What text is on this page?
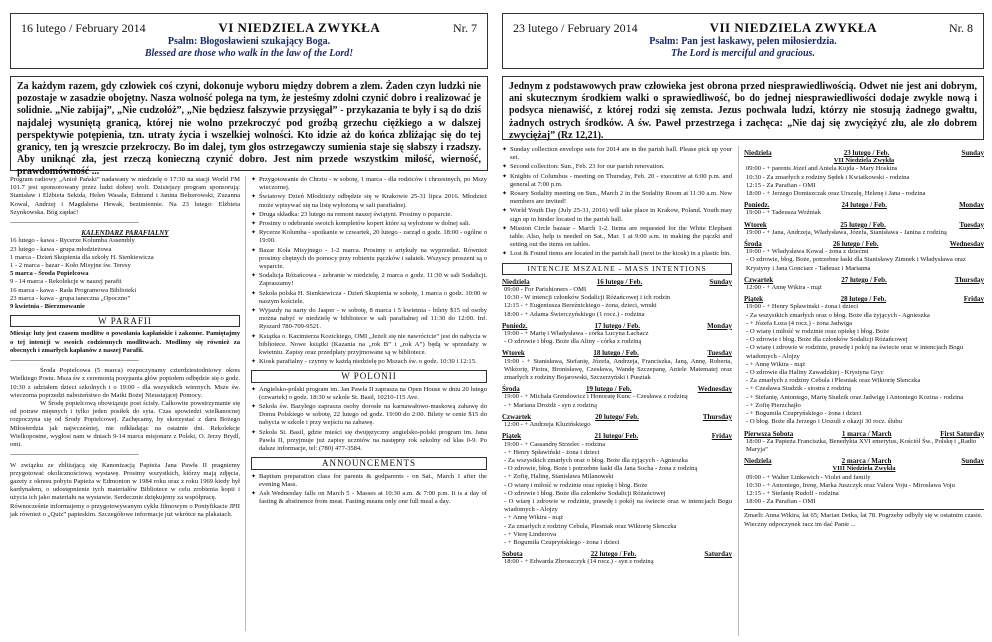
16 lutego / February 2014	VI NIEDZIELA ZWYKŁA	Nr. 7
Psalm: Błogosławieni szukający Boga.
Blessed are those who walk in the law of the Lord!
Za każdym razem, gdy człowiek coś czyni, dokonuje wyboru między dobrem a złem. Żaden czyn ludzki nie pozostaje w zasadzie obojętny. Nasza wolność polega na tym, że jesteśmy zdolni czynić dobro i realizować je solidnie. „Nie zabijaj”, „Nie cudzołóż”, „Nie będziesz fałszywie przysięgał” - przykazania te były i są do dziś najdalej wysuniętą granicą, której nie wolno przekroczyć pod groźbą grzechu ciężkiego a w dalszej perspektywie potępienia, tzn. utraty życia i wszelkiej wolności. Kto idzie aż do końca zbliżając się do tej granicy, ten ją wreszcie przekroczy. Bo im dalej, tym głos ostrzegawczy sumienia staje się słabszy i rzadszy. Aby uniknąć zła, jest rzeczą konieczną czynić dobro. Jest nim przede wszystkim miłość, wierność, prawdomówność ...
Program radiowy „Anioł Pański” nadawany w niedzielę o 17:30 na stacji World FM 101.7 jest sponsorowany przez ludzi dobrej woli. Dzisiejszy program sponsorują: Stanisław i Elżbieta Sekida, Helen Wasała, Edmund i Janina Bełzerowski, Zuzanna Kowal, Andrzej i Magdalena Hewak, bezimiennie. Na 23 lutego: Elżbieta Szynkowska. Bóg zapłać!
-----------------------------------------------------------------------------------------------------------
KALENDARZ PARAFIALNY
16 lutego - kawa - Rycerze Kolumba Assembly
23 lutego - kawa - grupa młodzieżowa
1 marca - Dzień Skupienia dla szkoły H. Sienkiewicza
1 - 2 marca - bazar - Koło Misyjne św. Teresy
5 marca - Środa Popielcowa
9 - 14 marca - Rekolekcje w naszej parafii
16 marca - kawa - Rada Programowa Biblioteki
23 marca - kawa - grupa taneczna „Opoczno”
9 kwietnia - Bierzmowanie
W PARAFII
Miesiąc luty jest czasem modlitw o powołania kapłańskie i zakonne. Pamiętajmy o tej intencji w swoich codziennych modlitwach. Modlimy się również za obecnych i zmarłych kapłanów z naszej Parafii.
-----------------------------------------------------------------------------------------------------------
Środa Popielcowa (5 marca) rozpoczynamy czterdziestodniowy okres Wielkiego Postu. Msza św z ceremonią posypania głów popiołem odbędzie się o godz. 10:30 z udziałem dzieci szkolnych i o 19:00 - dla wszystkich wiernych. Msze św. wieczorna poprzedzi nabożeństwo do Matki Bożej Nieustającej Pomocy.
W Środę popielcową obowiązuje post ścisły. Całkowite powstrzymanie się od potraw mięsnych i tylko jeden posiłek do syta. Czas spowiedzi wielkanocnej rozpoczyna się od Środy Popielcowej. Zachęcamy, by skorzystać z daru Bożego Miłosierdzia jak najwcześniej, nie odkładając na ostatnie dni. Rekolekcje Wielkopostne, wygłosi nam w dniach 9-14 marca misjonarz z Polski, O. Jerzy Brydl, omi.
-----------------------------------------------------------------------------------------------------------
W związku ze zbliżającą się Kanonizacją Papieża Jana Pawła II pragniemy przygotować okolicznościową wystawę. Prosimy wszystkich, którzy mają zdjęcia, gazety z okresu pobytu Papieża w Edmonton w 1984 roku oraz z roku 1969 kiedy był kardynałem, o udostępnienie tych materiałów Bibliotece w celu zrobienia kopii i użycia ich jako materiału na wystawie. Serdecznie dziękujemy za współpracę.
Równocześnie informujemy o przygotowywanym cyklu filmowym o Pontyfikacie JPII jak również o „Quiz” papieskim. Szczegółowe informacje już wkrótce na plakatach.
✦ Przygotowanie do Chrztu - w sobotę, 1 marca - dla rodziców i chrzestnych, po Mszy wieczornej.
✦ Światowy Dzień Młodzieży odbędzie się w Krakowie 25-31 lipca 2016. Młodzież może wpisywać się na listę wyłożoną w sali parafialnej.
✦ Druga składka: 23 lutego na remont naszej świątyni. Prosimy o poparcie.
✦ Prosimy o odebranie swoich kompletów kopert które są wyłożone w dolnej sali.
✦ Rycerze Kolumba - spotkanie w czwartek, 20 lutego - zarząd o godz. 18:00 - ogólne o 19:00.
✦ Bazar Koła Misyjnego - 1-2 marca. Prosimy o artykuły na wyprzedaż. Również prosimy chętnych do pomocy przy robieniu pączków i sałatek. Wszyscy proszeni są o wsparcie.
✦ Sodalicja Różańcowa - zebranie w niedzielę, 2 marca o godz. 11:30 w sali Sodalicji. Zapraszamy!
✦ Szkoła polska H. Sienkiewicza - Dzień Skupienia w sobotę, 1 marca o godz. 10:00 w naszym kościele.
✦ Wyjazdy na narty do Jasper - w sobotę, 8 marca i 5 kwietnia - bilety $15 od osoby można nabyć w niedzielę w bibliotece w sali parafialnej od 11:30 do 12:00. Inf. Ryszard 780-709-9521.
✦ Książka o. Kazimierza Kozickiego, OMI „Jeżeli się nie nawrócicie” jest do nabycia w bibliotece. Nowe książki (Kazania na „rok B” i „rok A”) będą w sprzedaży w kwietniu. Zapisy oraz przedpłaty przyjmowane są w bibliotece.
✦ Kiosk parafialny - czynny w każdą niedzielę po Mszach św. o godz. 10:30 i 12:15.
W POLONII
✦ Angielsko-polski program im. Jan Pawła II zaprasza na Open House w dniu 20 lutego (czwartek) o godz. 18:30 w szkole St. Basil, 10210-115 Ave.
✦ Szkoła św. Bazylego zaprasza osoby dorosłe na karnawałowo-maskową zabawę do Domu Polskiego w sobotę, 22 lutego od godz. 19:00 do 2:00. Bilety w cenie $15 do nabycia w szkole i przy wejściu na zabawę.
✦ Szkoła St. Basil, gdzie mieści się dwujęzyczny angielsko-polski program im. Jana Pawła II, przyjmuje już zapisy uczniów na następny rok szkolny od klas 0-9. Po dalsze informacje, tel: (780) 477-3584.
ANNOUNCEMENTS
✦ Baptism preparation class for parents & godparents - on Sat., March 1 after the evening Mass.
✦ Ash Wednesday falls on March 5 - Masses at 10:30 a.m. & 7:00 p.m. It is a day of fasting & abstinence from meat. Fasting means only one full meal a day.
23 lutego / February 2014	VII NIEDZIELA ZWYKŁA	Nr. 8
Psalm: Pan jest łaskawy, pełen miłosierdzia.
The Lord is merciful and gracious.
Jednym z podstawowych praw człowieka jest obrona przed niesprawiedliwością. Odwet nie jest ani dobrym, ani skutecznym środkiem walki o sprawiedliwość, bo do jednej niesprawiedliwości dodaje zwykle nową i podsyca nienawiść, z której rodzi się zemsta. Jezus pochwala ludzi, którzy nie stosują żadnego gwałtu, żadnych ostrych środków. A św. Paweł przestrzega i zachęca: „Nie daj się zwyciężyć złu, ale zło dobrem zwyciężaj” (Rz 12,21).
✦ Sunday collection envelope sets for 2014 are in the parish hall. Please pick up your set.
✦ Second collection: Sun., Feb. 23 for our parish renovation.
✦ Knights of Columbus - meeting on Thursday, Feb. 20 - executive at 6:00 p.m. and general at 7:00 p.m.
✦ Rosary Sodality meeting on Sun., March 2 in the Sodality Room at 11:30 a.m. New members are invited!
✦ World Youth Day (July 25-31, 2016) will take place in Krakow, Poland. Youth may sign up in binder located in the parish hall.
✦ Mission Circle bazaar - March 1-2. Items are requested for the White Elephant table. Also, help is needed on Sat., Mar. 1 at 9:00 a.m. in making the pączki and setting out the items on tables.
✦ Lost & Found items are located in the parish hall (next to the kiosk) in a plastic bin.
INTENCJE MSZALNE - MASS INTENTIONS
Niedziela	16 lutego / Feb.	Sunday
09:00 - For Parishioners - OMI
10:30 - W intencji członków Sodalicji Różańcowej i ich rodzin
12:15 - + Eugeniusza Bereźnickiego - żona, dzieci, wnuki
18:00 - + Adama Świerczyńskiego (1 rocz.) - rodzina
Poniedz.	17 lutego / Feb.	Monday
19:00 - + Marię i Władysława - córka Lucyna Łachacz
- O zdrowie i błog. Boże dla Aliny - córka z rodziną
Wtorek	18 lutego / Feb.	Tuesday
19:00 - + Stanisława, Stefanię, Józefa, Andrzeja, Franciszka, Janą, Annę, Roberta, Wiktorię, Piotra, Bronisławę, Czesława, Wandę Szczepanę, Aniele Matematej oraz zmarłych z rodziny Bojarowski, Szczerzyński i Pusztak
Środa	19 lutego / Feb.	Wednesday
19:00 - + Michała Grendowicz i Honoratę Kunc - Czesława z rodziną
- + Mariana Drożdż - syn z rodziną
Czwartek	20 lutego/ Feb.	Thursday
12:00 - + Andrzeja Kluzińskiego
Piątek	21 lutego/ Feb.	Friday
19:00 - + Cassandrę Strzelec - rodzina
- + Henry Spławiński - żona i dzieci
- Za wszystkich zmarłych oraz o błog. Boże dla żyjących - Agnieszka
- O zdrowie, błog. Boże i potrzebne łaski dla Jana Socha - żona z rodziną
- + Zofię, Halinę, Stanisława Milanowski
- O wiarę i miłość w rodzinie oraz opiekę i błog. Boże
- O zdrowie i błog. Boże dla członków Sodalicji Różańcowej
- O wiarę i zdrowie w rodzinie, prawdę i pokój na świecie oraz w intencjach Bogu wiadomych - Alojzy
- + Annę Wikira - mąż
- Za zmarłych z rodziny Cebula, Plesniak oraz Wiktorię Slenczka
- + Vierę Linderova
- + Bogumiła Czupryńskiego - żona i dzieci
Sobota	22 lutego / Feb.	Saturday
18:00 - + Edwarda Zbroszczyk (14 rocz.) - syn z rodziną
Niedziela	23 lutego / Feb.	Sunday
VII Niedziela Zwykła
09:00 - + parents Józef and Aniela Kujda - Mary Hoskins
10:30 - Za zmarłych z rodziny Sędek i Kwiatkowski - rodzina
12:15 - Za Parafian - OMI
18:00 - + Jerzego Domiszczak oraz Urszulę, Helenę i Jana - rodzina
Poniedz.	24 lutego / Feb.	Monday
19:00 - + Tadeusza Woźniak
Wtorek	25 lutego / Feb.	Tuesday
19:00 - + Jana, Andrzeja, Władysława, Józefa, Stanisława - Janina z rodziną
Środa	26 lutego / Feb.	Wednesday
19:00 - + Władysława Kowal - żona z dziećmi
- O zdrowie, błog. Boże, potrzebne łaski dla Stanisławy Zimnek i Władysława oraz Krystyny i Jana Gonciarz - Tadeusz i Marianna
Czwartek	27 lutego / Feb.	Thursday
12:00 - + Annę Wikira - mąż
Piątek	28 lutego / Feb.	Friday
19:00 - + Henry Spławinski - żona i dzieci
- Za wszystkich zmarłych oraz o błog. Boże dla żyjących - Agnieszka
- + Józefa Łoza (4 rocz.) - żona Jadwiga
- O wiarę i miłość w rodzinie oraz opiekę i błog. Boże
- O zdrowie i błog. Boże dla członków Sodalicji Różańcowej
- O wiarę i zdrowie w rodzinie, prawdę i pokój na świecie oraz w intencjach Bogu wiadomych - Alojzy
- + Annę Wikira - mąż
- O zdrowie dla Haliny Zawadzkiej - Krystyna Gryc
- Za zmarłych z rodziny Cebula i Plesniak oraz Wiktorię Slenczka
- + Czesława Siudzik - siostra z rodziną
- + Stefanię, Antoniego, Marię Siudzik oraz Jadwigę i Antoniego Kozina - rodzina
- + Zofię Pierzchajło
- + Bogumiła Czupryńskiego - żona i dzieci
- O błog. Boże dla Jerzego i Urszuli z okazji 30 rocz. ślubu
Pierwsza Sobota	1 marca / March	First Saturday
18:00 - Za Papieża Franciszka, Benedykta XVI emerytus, Kościół Św., Polskę i „Radio Maryja”
Niedziela	2 marca / March	Sunday
VIII Niedziela Zwykła
09:00 - + Walter Linkewich - Violet and family
10:30 - + Antoniego, Irenę, Marka Juszczyk oraz Valera Voju - Mirosława Voju
12:15 - + Stefanię Rudolf - rodzina
18:00 - Za Parafian - OMI
Zmarli: Anna Wikira, lat 65; Marian Detka, lat 78. Pogrzeby odbyły się w ostatnim czasie. Wieczny odpoczynek racz im dać Panie ...
